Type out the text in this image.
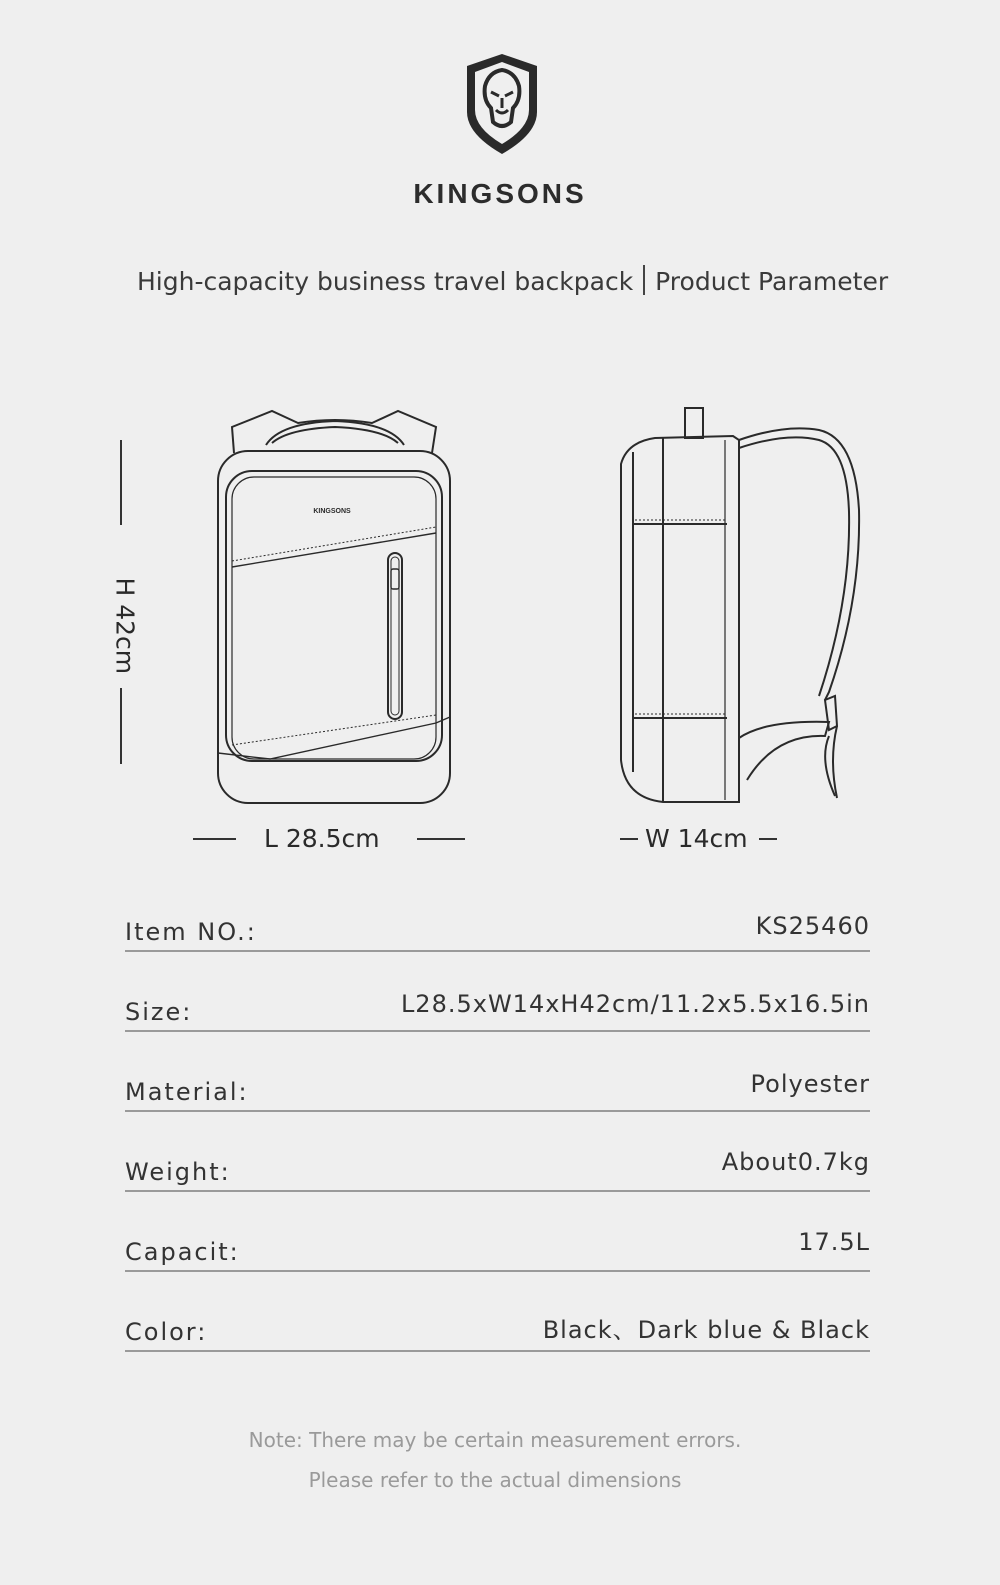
KINGSONS
High-capacity business travel backpack Product Parameter
H 42cm
KINGSONS
L 28.5cm	W 14cm
Item NO.:	KS25460
Size:	L28.5xW14xH42cm/11.2x5.5x16.5in
Material:	Polyester
Weight:	About0.7kg
Capacit:	17.5L
Color:	Black、Dark blue & Black
Note: There may be certain measurement errors.
Please refer to the actual dimensions
